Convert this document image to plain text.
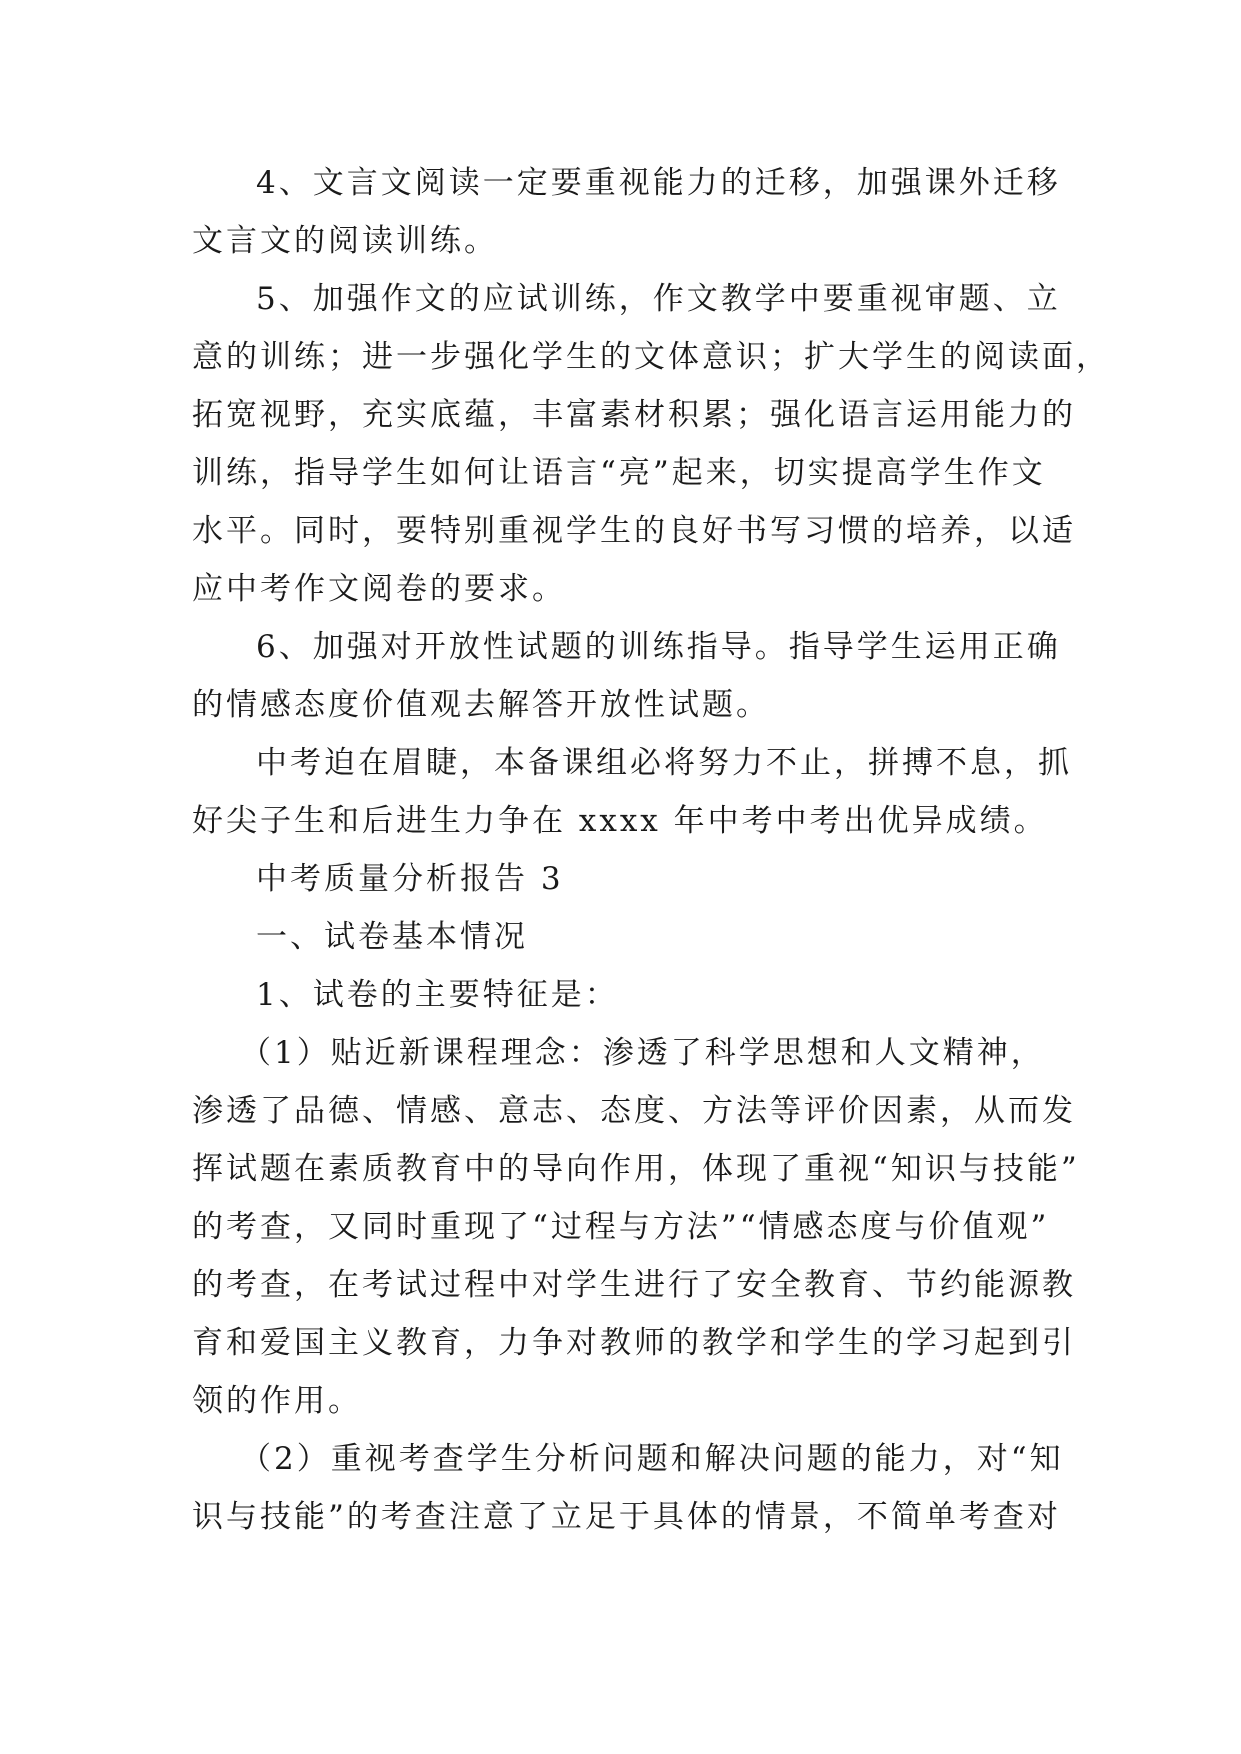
4、文言文阅读一定要重视能力的迁移，加强课外迁移
文言文的阅读训练。

5、加强作文的应试训练，作文教学中要重视审题、立
意的训练；进一步强化学生的文体意识；扩大学生的阅读面，
拓宽视野，充实底蕴，丰富素材积累；强化语言运用能力的
训练，指导学生如何让语言“亮”起来，切实提高学生作文
水平。同时，要特别重视学生的良好书写习惯的培养，以适
应中考作文阅卷的要求。

6、加强对开放性试题的训练指导。指导学生运用正确
的情感态度价值观去解答开放性试题。

中考迫在眉睫，本备课组必将努力不止，拼搏不息，抓
好尖子生和后进生力争在 xxxx 年中考中考出优异成绩。

中考质量分析报告 3

一、试卷基本情况

1、试卷的主要特征是：

（1）贴近新课程理念：渗透了科学思想和人文精神，
渗透了品德、情感、意志、态度、方法等评价因素，从而发
挥试题在素质教育中的导向作用，体现了重视“知识与技能”
的考查，又同时重现了“过程与方法”“情感态度与价值观”
的考查，在考试过程中对学生进行了安全教育、节约能源教
育和爱国主义教育，力争对教师的教学和学生的学习起到引
领的作用。

（2）重视考查学生分析问题和解决问题的能力，对“知
识与技能”的考查注意了立足于具体的情景，不简单考查对
